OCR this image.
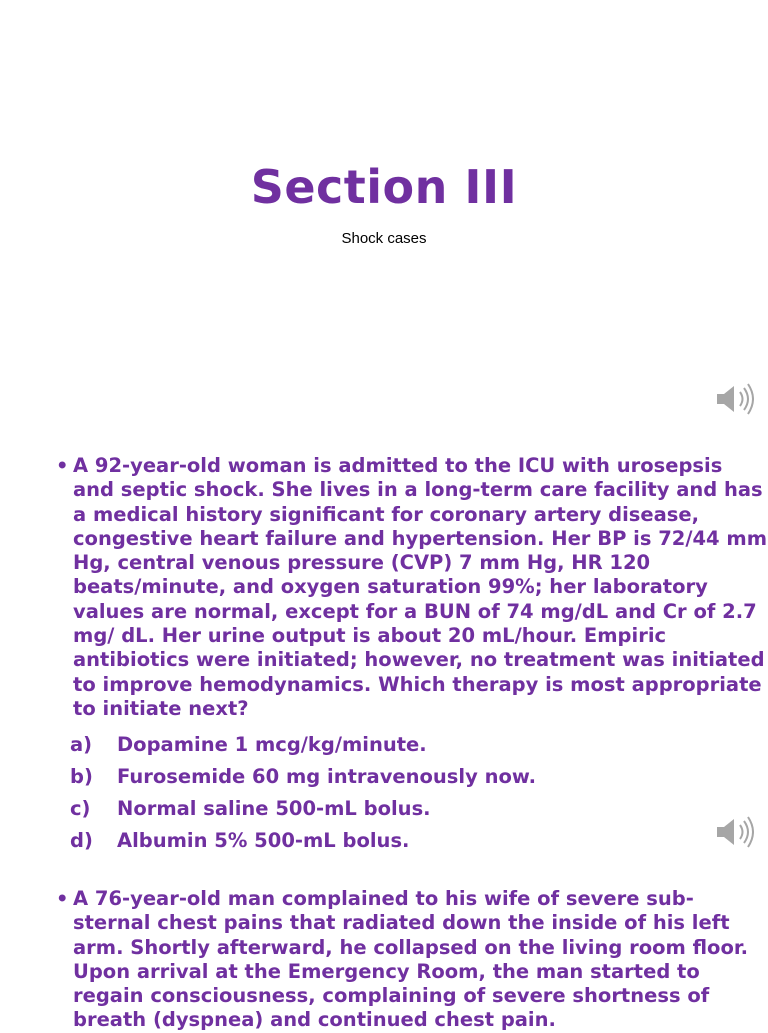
Section III
Shock cases

• A 92-year-old woman is admitted to the ICU with urosepsis and septic shock. She lives in a long-term care facility and has a medical history significant for coronary artery disease, congestive heart failure and hypertension. Her BP is 72/44 mm Hg, central venous pressure (CVP) 7 mm Hg, HR 120 beats/minute, and oxygen saturation 99%; her laboratory values are normal, except for a BUN of 74 mg/dL and Cr of 2.7 mg/ dL. Her urine output is about 20 mL/hour. Empiric antibiotics were initiated; however, no treatment was initiated to improve hemodynamics. Which therapy is most appropriate to initiate next?

a) Dopamine 1 mcg/kg/minute.
b) Furosemide 60 mg intravenously now.
c) Normal saline 500-mL bolus.
d) Albumin 5% 500-mL bolus.

• A 76-year-old man complained to his wife of severe sub-sternal chest pains that radiated down the inside of his left arm. Shortly afterward, he collapsed on the living room floor. Upon arrival at the Emergency Room, the man started to regain consciousness, complaining of severe shortness of breath (dyspnea) and continued chest pain.
